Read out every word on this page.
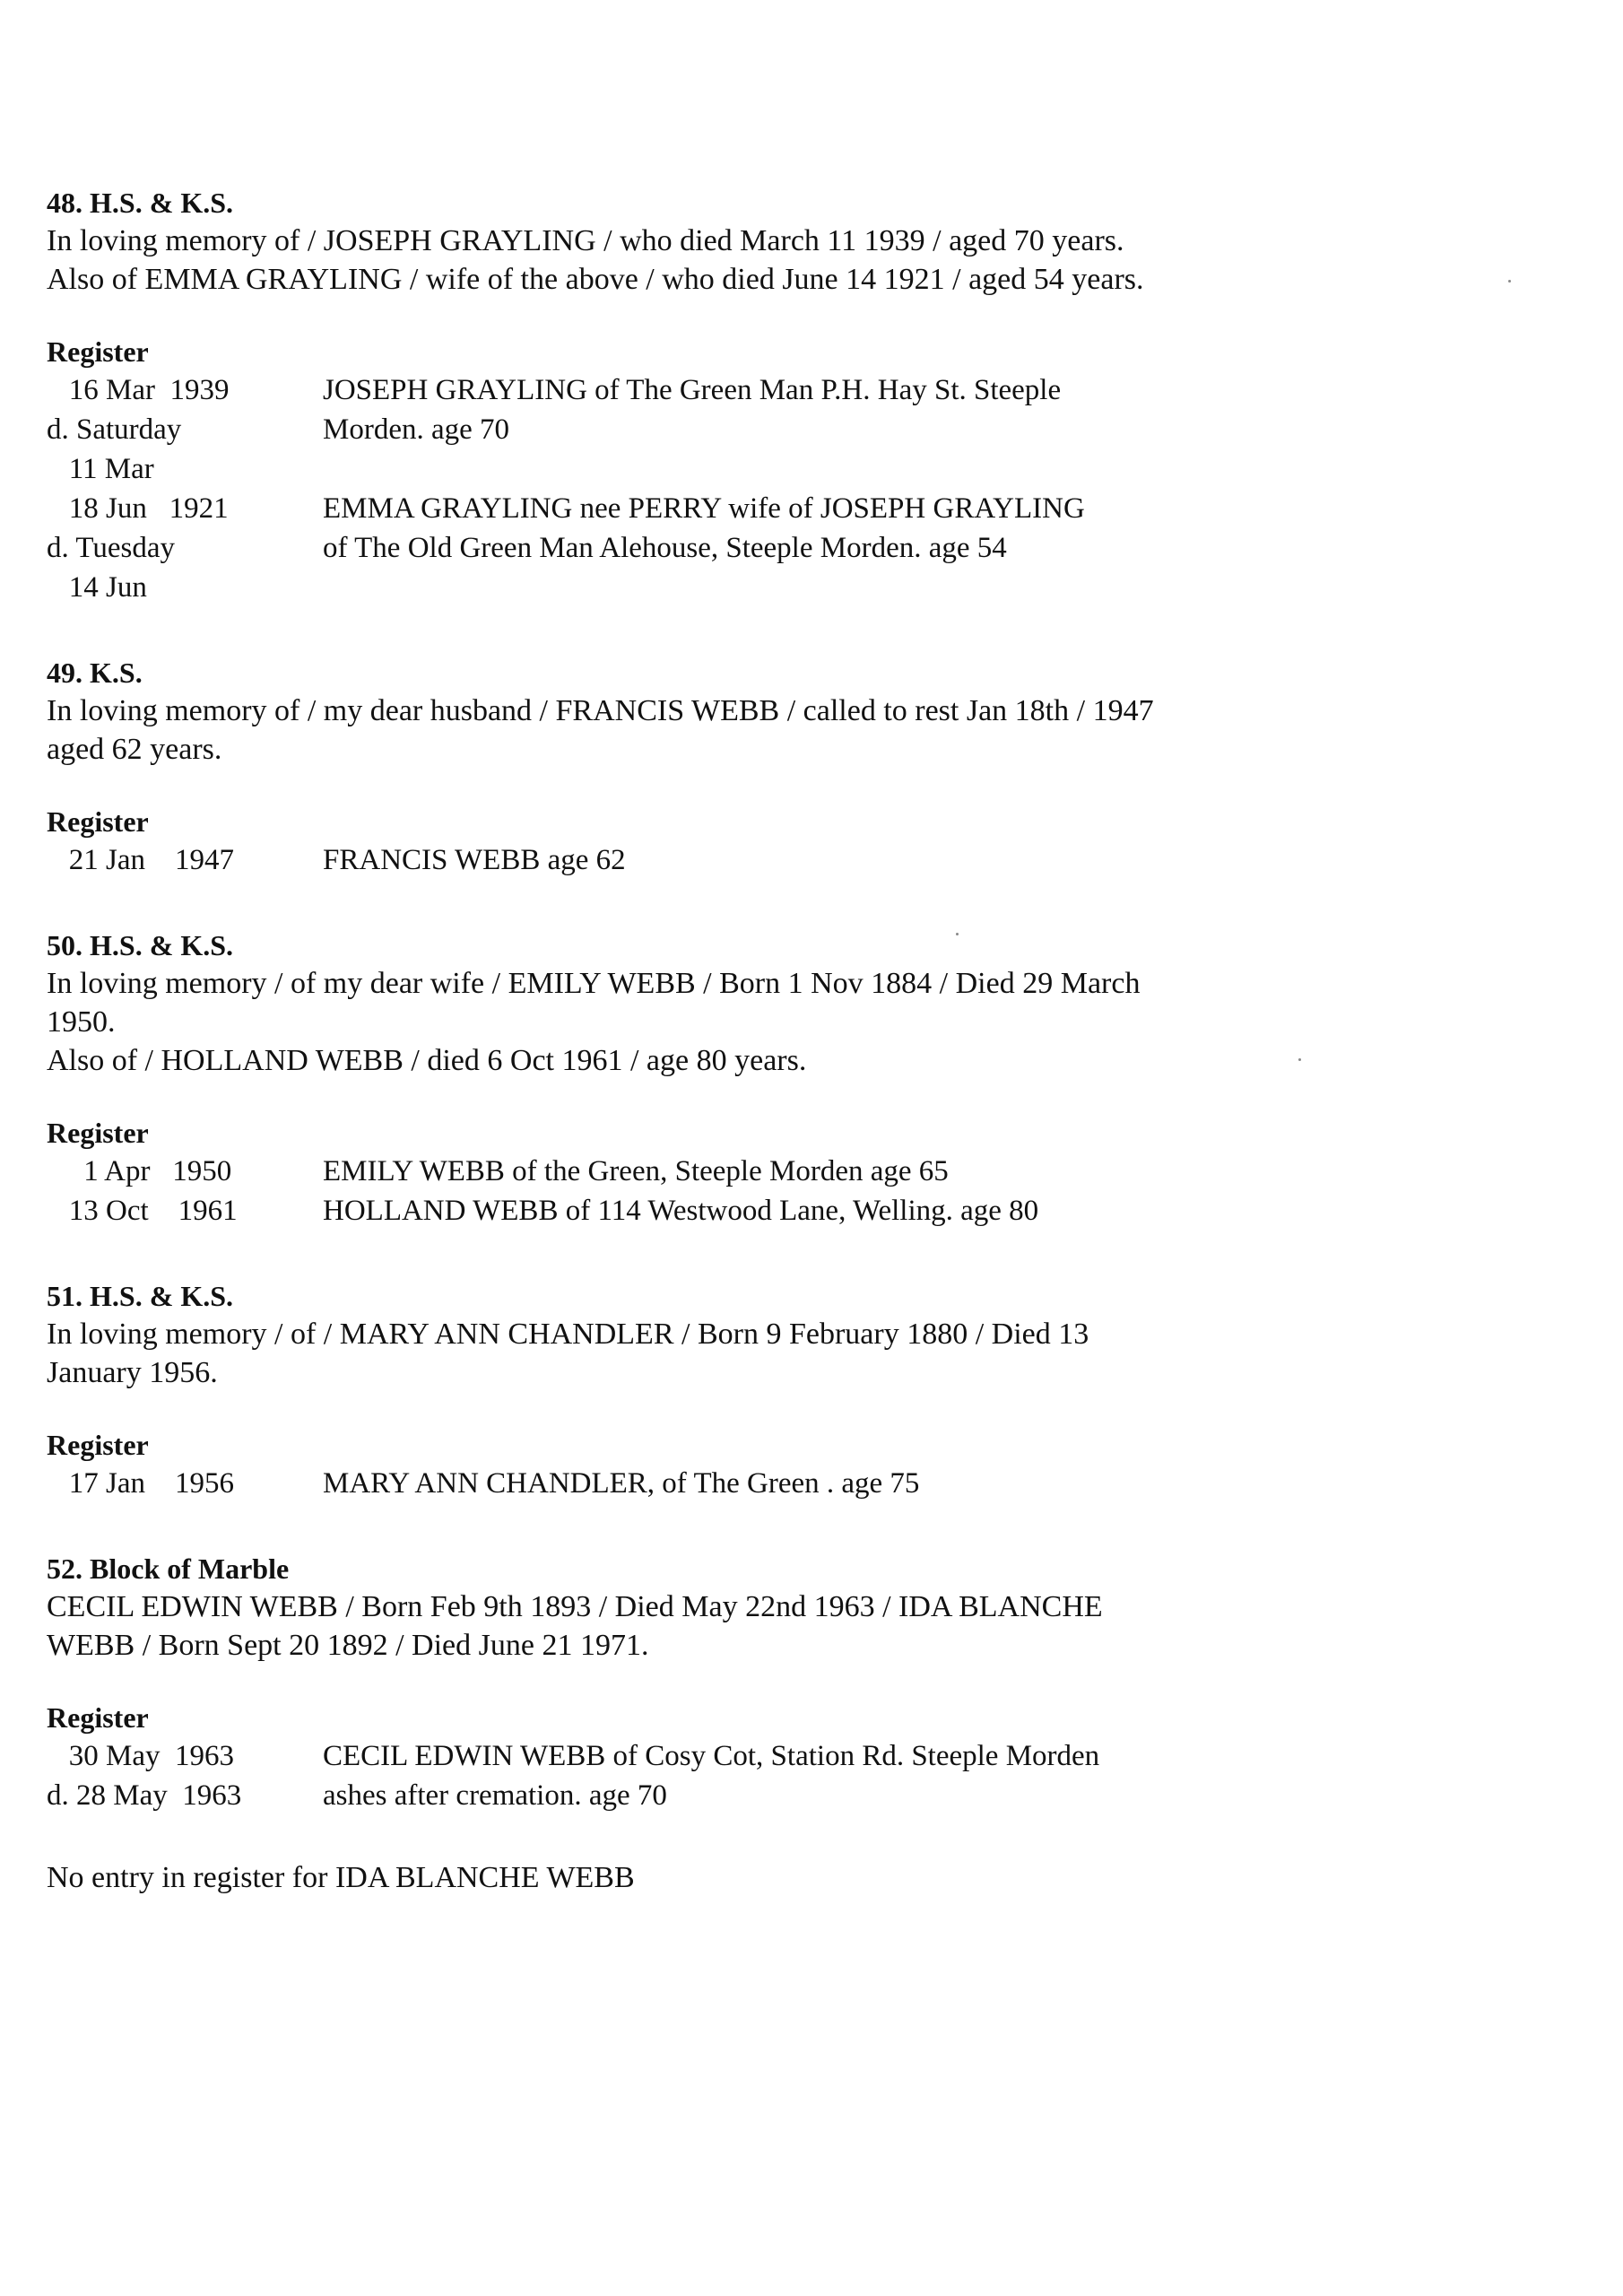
48. H.S. & K.S.

In loving memory of / JOSEPH GRAYLING / who died March 11 1939 / aged 70 years.

Also of EMMA GRAYLING / wife of the above / who died June 14 1921 / aged 54 years.

Register

16 Mar  1939	JOSEPH GRAYLING of The Green Man P.H. Hay St. Steeple
d. Saturday	Morden. age 70
11 Mar
18 Jun   1921	EMMA GRAYLING nee PERRY wife of JOSEPH GRAYLING
d. Tuesday	of The Old Green Man Alehouse, Steeple Morden. age 54
14 Jun

49. K.S.

In loving memory of / my dear husband / FRANCIS WEBB / called to rest Jan 18th / 1947

aged 62 years.

Register

21 Jan    1947	FRANCIS WEBB age 62

50. H.S. & K.S.

In loving memory / of my dear wife / EMILY WEBB / Born 1 Nov 1884 / Died 29 March

1950.

Also of / HOLLAND WEBB / died 6 Oct 1961 / age 80 years.

Register

1 Apr   1950	EMILY WEBB of the Green, Steeple Morden age 65
13 Oct    1961	HOLLAND WEBB of 114 Westwood Lane, Welling. age 80

51. H.S. & K.S.

In loving memory / of / MARY ANN CHANDLER / Born 9 February 1880 / Died 13

January 1956.

Register

17 Jan    1956	MARY ANN CHANDLER, of The Green . age 75

52. Block of Marble

CECIL EDWIN WEBB / Born Feb 9th 1893 / Died May 22nd 1963 / IDA BLANCHE

WEBB / Born Sept 20 1892 / Died June 21 1971.

Register

30 May  1963	CECIL EDWIN WEBB of Cosy Cot, Station Rd. Steeple Morden
d. 28 May  1963	ashes after cremation. age 70

No entry in register for IDA BLANCHE WEBB
